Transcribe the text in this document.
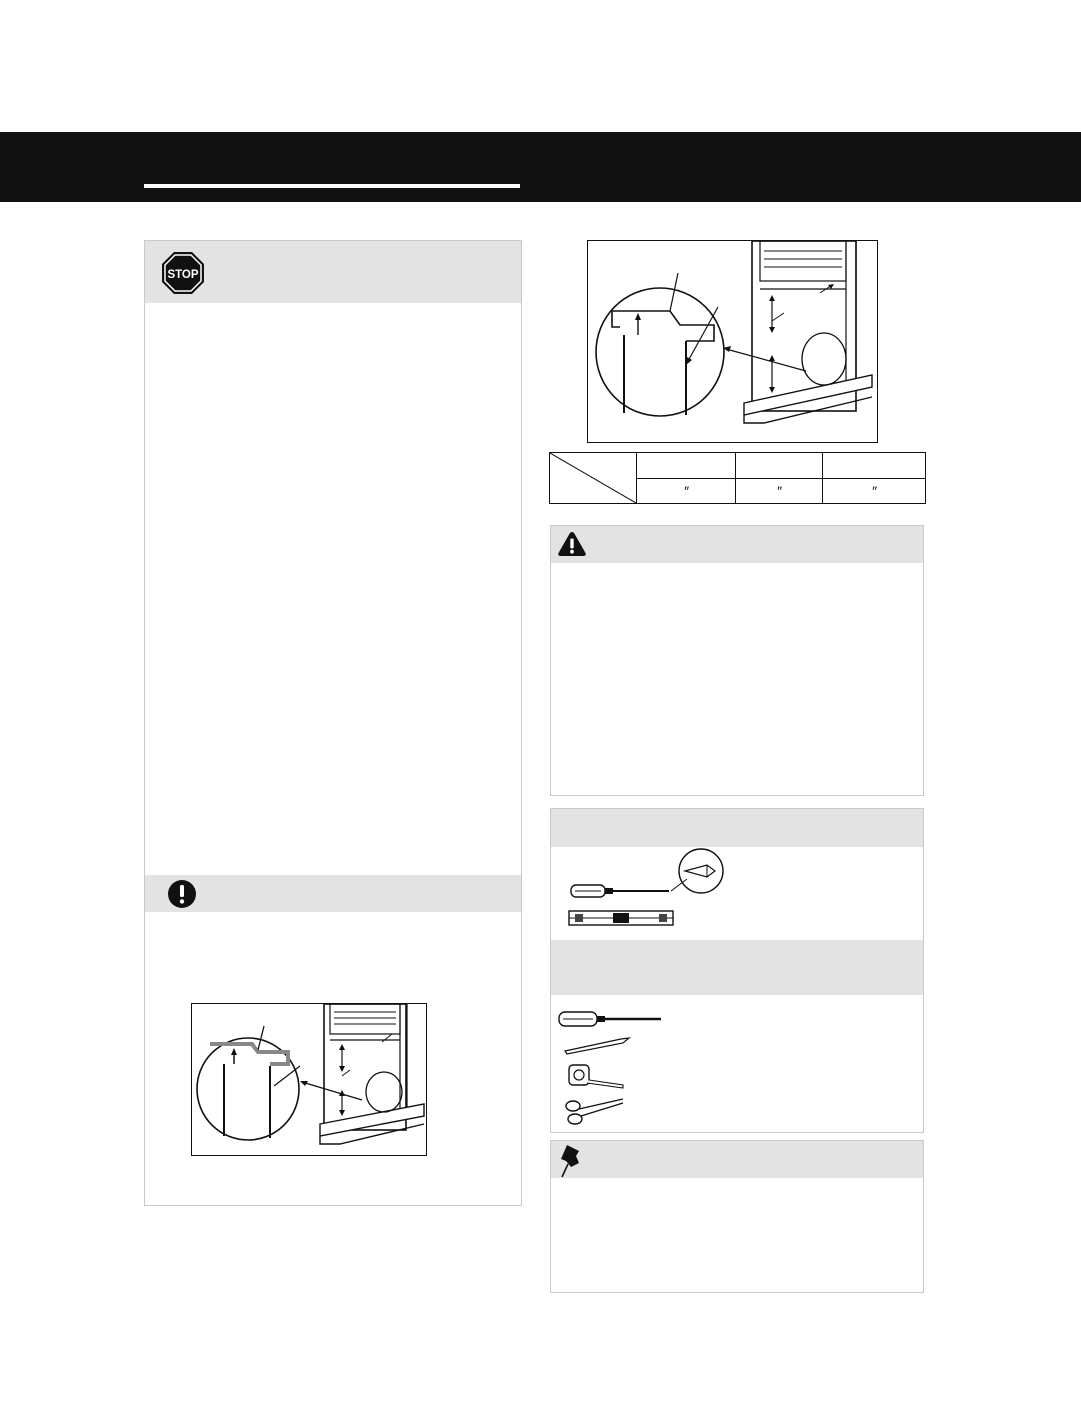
STOP

	″	″	″
